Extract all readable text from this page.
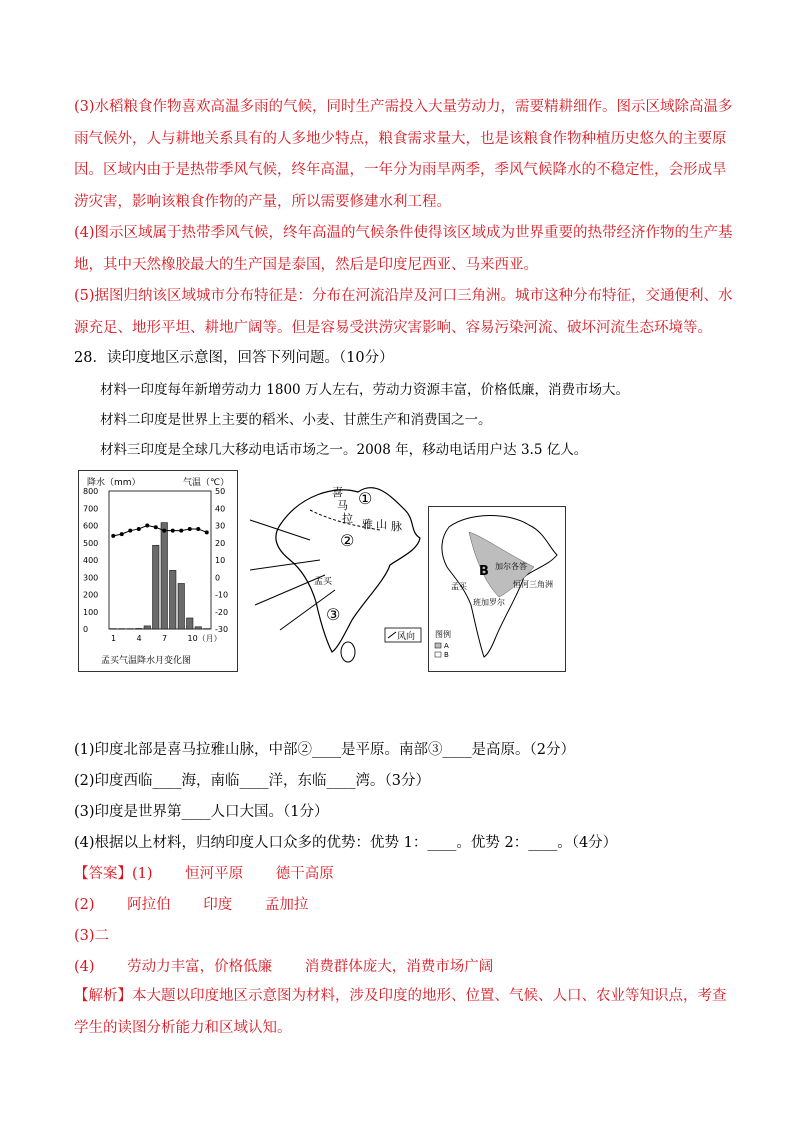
(3)水稻粮食作物喜欢高温多雨的气候，同时生产需投入大量劳动力，需要精耕细作。图示区域除高温多雨气候外，人与耕地关系具有的人多地少特点，粮食需求量大，也是该粮食作物种植历史悠久的主要原因。区域内由于是热带季风气候，终年高温，一年分为雨旱两季，季风气候降水的不稳定性，会形成旱涝灾害，影响该粮食作物的产量，所以需要修建水利工程。
(4)图示区域属于热带季风气候，终年高温的气候条件使得该区域成为世界重要的热带经济作物的生产基地，其中天然橡胶最大的生产国是泰国，然后是印度尼西亚、马来西亚。
(5)据图归纳该区域城市分布特征是：分布在河流沿岸及河口三角洲。城市这种分布特征，交通便利、水源充足、地形平坦、耕地广阔等。但是容易受洪涝灾害影响、容易污染河流、破坏河流生态环境等。
28．读印度地区示意图，回答下列问题。（10分）
材料一印度每年新增劳动力 1800 万人左右，劳动力资源丰富，价格低廉，消费市场大。
材料二印度是世界上主要的稻米、小麦、甘蔗生产和消费国之一。
材料三印度是全球几大移动电话市场之一。2008 年，移动电话用户达 3.5 亿人。
降水（mm）	气温（℃）
800
700
600
500
400
300
200
100
0
50
40
30
20
10
0
-10
-20
-30
1	4	7	10（月）
孟买气温降水月变化图
喜
马
拉 雅 山 脉
①
②
③
孟买
风向
B 加尔各答
孟买
班加罗尔
恒河三角洲
图例
A
B
(1)印度北部是喜马拉雅山脉，中部②____是平原。南部③____是高原。（2分）
(2)印度西临____海，南临____洋，东临____湾。（3分）
(3)印度是世界第____人口大国。（1分）
(4)根据以上材料，归纳印度人口众多的优势：优势 1：____。优势 2：____。（4分）
【答案】(1) 恒河平原 德干高原
(2) 阿拉伯 印度 孟加拉
(3)二
(4) 劳动力丰富，价格低廉 消费群体庞大，消费市场广阔
【解析】本大题以印度地区示意图为材料，涉及印度的地形、位置、气候、人口、农业等知识点，考查学生的读图分析能力和区域认知。
